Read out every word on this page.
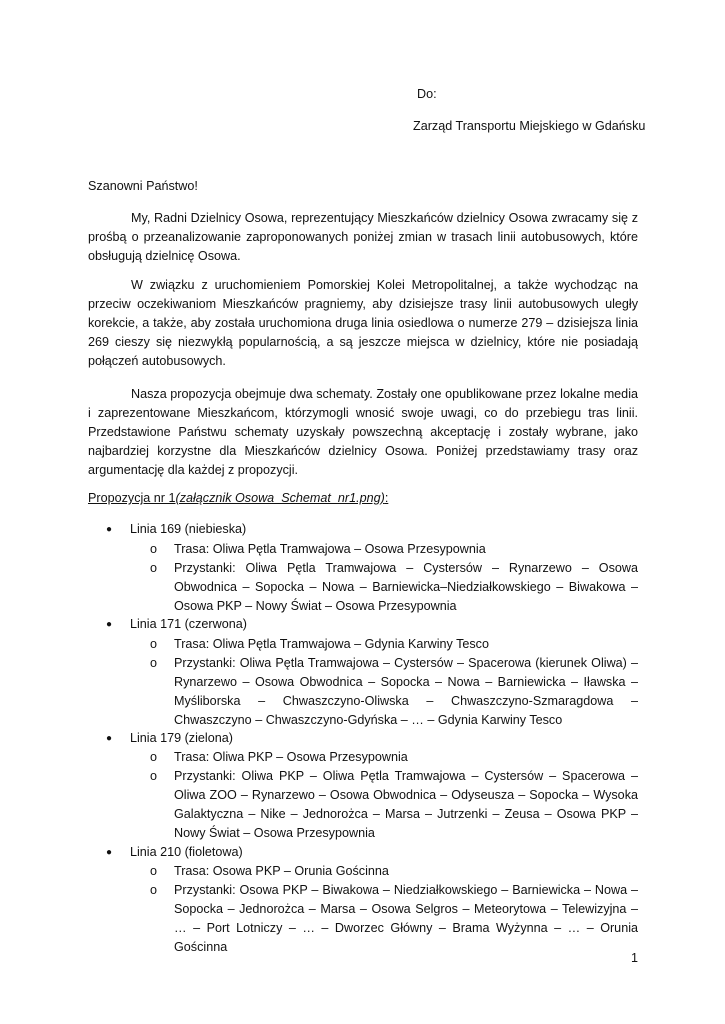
Do:
Zarząd Transportu Miejskiego w Gdańsku
Szanowni Państwo!

My, Radni Dzielnicy Osowa, reprezentujący Mieszkańców dzielnicy Osowa zwracamy się z prośbą o przeanalizowanie zaproponowanych poniżej zmian w trasach linii autobusowych, które obsługują dzielnicę Osowa.

W związku z uruchomieniem Pomorskiej Kolei Metropolitalnej, a także wychodząc na przeciw oczekiwaniom Mieszkańców pragniemy, aby dzisiejsze trasy linii autobusowych uległy korekcie, a także, aby została uruchomiona druga linia osiedlowa o numerze 279 – dzisiejsza linia 269 cieszy się niezwykłą popularnością, a są jeszcze miejsca w dzielnicy, które nie posiadają połączeń autobusowych.

Nasza propozycja obejmuje dwa schematy. Zostały one opublikowane przez lokalne media i zaprezentowane Mieszkańcom, którzymogli wnosić swoje uwagi, co do przebiegu tras linii. Przedstawione Państwu schematy uzyskały powszechną akceptację i zostały wybrane, jako najbardziej korzystne dla Mieszkańców dzielnicy Osowa. Poniżej przedstawiamy trasy oraz argumentację dla każdej z propozycji.

Propozycja nr 1(załącznik Osowa_Schemat_nr1.png):
● Linia 169 (niebieska)
o Trasa: Oliwa Pętla Tramwajowa – Osowa Przesypownia

o Przystanki: Oliwa Pętla Tramwajowa – Cystersów – Rynarzewo – Osowa Obwodnica – Sopocka – Nowa – Barniewicka–Niedziałkowskiego – Biwakowa – Osowa PKP – Nowy Świat – Osowa Przesypownia

● Linia 171 (czerwona)
o Trasa: Oliwa Pętla Tramwajowa – Gdynia Karwiny Tesco

o Przystanki: Oliwa Pętla Tramwajowa – Cystersów – Spacerowa (kierunek Oliwa) – Rynarzewo – Osowa Obwodnica – Sopocka – Nowa – Barniewicka – Iławska – Myśliborska – Chwaszczyno-Oliwska – Chwaszczyno-Szmaragdowa – Chwaszczyno – Chwaszczyno-Gdyńska – … – Gdynia Karwiny Tesco

● Linia 179 (zielona)
o Trasa: Oliwa PKP – Osowa Przesypownia

o Przystanki: Oliwa PKP – Oliwa Pętla Tramwajowa – Cystersów – Spacerowa – Oliwa ZOO – Rynarzewo – Osowa Obwodnica – Odyseusza – Sopocka – Wysoka Galaktyczna – Nike – Jednorożca – Marsa – Jutrzenki – Zeusa – Osowa PKP – Nowy Świat – Osowa Przesypownia

● Linia 210 (fioletowa)
o Trasa: Osowa PKP – Orunia Gościnna

o Przystanki: Osowa PKP – Biwakowa – Niedziałkowskiego – Barniewicka – Nowa – Sopocka – Jednorożca – Marsa – Osowa Selgros – Meteorytowa – Telewizyjna – … – Port Lotniczy – … – Dworzec Główny – Brama Wyżynna – … – Orunia Gościnna

1
